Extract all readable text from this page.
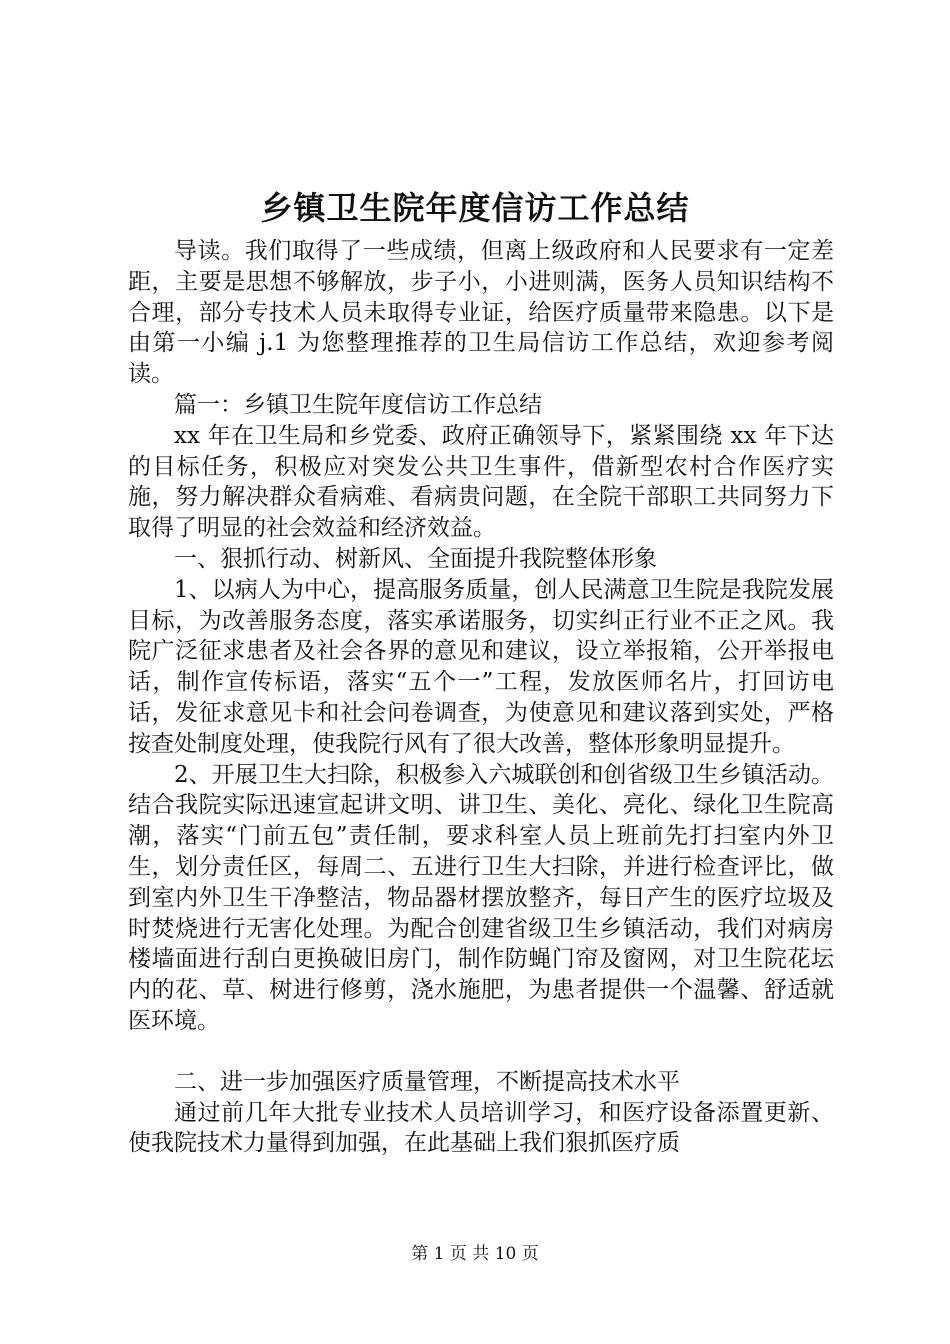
乡镇卫生院年度信访工作总结

导读。我们取得了一些成绩，但离上级政府和人民要求有一定差距，主要是思想不够解放，步子小，小进则满，医务人员知识结构不合理，部分专技术人员未取得专业证，给医疗质量带来隐患。以下是由第一小编 j.1 为您整理推荐的卫生局信访工作总结，欢迎参考阅读。

篇一：乡镇卫生院年度信访工作总结

xx 年在卫生局和乡党委、政府正确领导下，紧紧围绕 xx 年下达的目标任务，积极应对突发公共卫生事件，借新型农村合作医疗实施，努力解决群众看病难、看病贵问题，在全院干部职工共同努力下取得了明显的社会效益和经济效益。

一、狠抓行动、树新风、全面提升我院整体形象

1、以病人为中心，提高服务质量，创人民满意卫生院是我院发展目标，为改善服务态度，落实承诺服务，切实纠正行业不正之风。我院广泛征求患者及社会各界的意见和建议，设立举报箱，公开举报电话，制作宣传标语，落实“五个一”工程，发放医师名片，打回访电话，发征求意见卡和社会问卷调查，为使意见和建议落到实处，严格按查处制度处理，使我院行风有了很大改善，整体形象明显提升。

2、开展卫生大扫除，积极参入六城联创和创省级卫生乡镇活动。结合我院实际迅速宣起讲文明、讲卫生、美化、亮化、绿化卫生院高潮，落实“门前五包”责任制，要求科室人员上班前先打扫室内外卫生，划分责任区，每周二、五进行卫生大扫除，并进行检查评比，做到室内外卫生干净整洁，物品器材摆放整齐，每日产生的医疗垃圾及时焚烧进行无害化处理。为配合创建省级卫生乡镇活动，我们对病房楼墙面进行刮白更换破旧房门，制作防蝇门帘及窗网，对卫生院花坛内的花、草、树进行修剪，浇水施肥，为患者提供一个温馨、舒适就医环境。

二、进一步加强医疗质量管理，不断提高技术水平

通过前几年大批专业技术人员培训学习，和医疗设备添置更新、使我院技术力量得到加强，在此基础上我们狠抓医疗质

第 1 页 共 10 页
